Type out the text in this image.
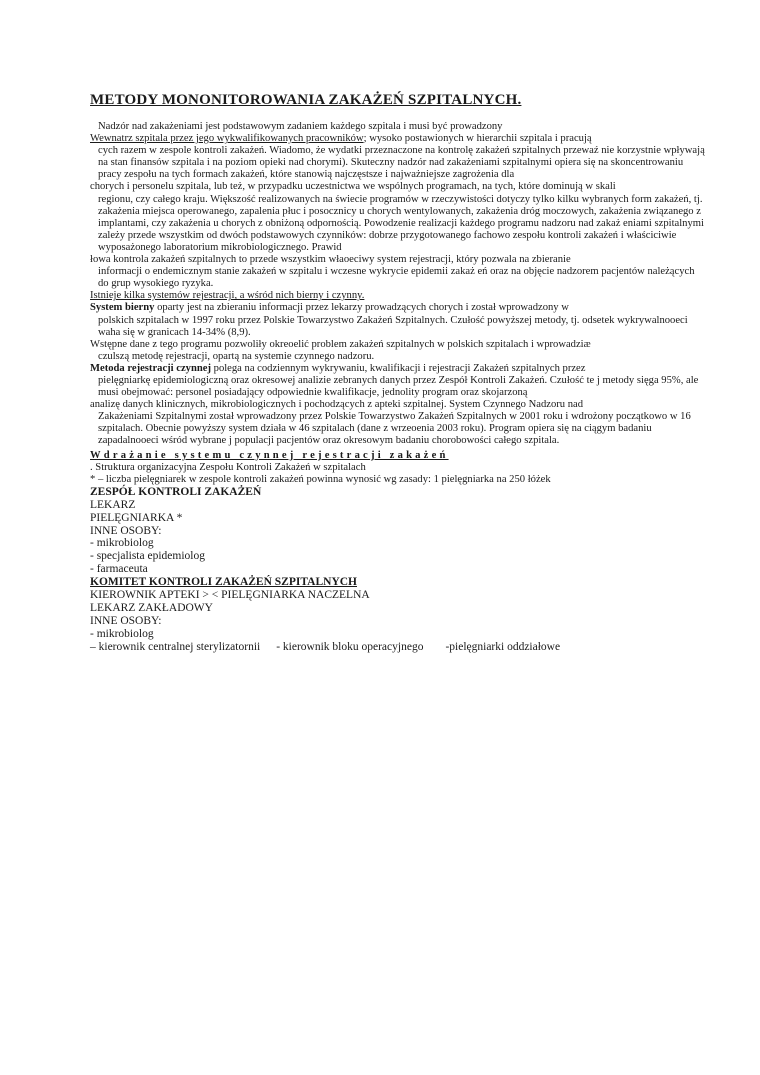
METODY MONONITOROWANIA ZAKAŻEŃ SZPITALNYCH.

Nadzór nad zakażeniami jest podstawowym zadaniem każdego szpitala i musi być prowadzony

Wewnatrz szpitala przez jego wykwalifikowanych pracowników; wysoko postawionych w hierarchii szpitala i pracują

cych razem w zespole kontroli zakażeń. Wiadomo, że wydatki przeznaczone na kontrolę zakażeń szpitalnych przewaź nie korzystnie wpływają na stan finansów szpitala i na poziom opieki nad chorymi). Skuteczny nadzór nad zakażeniami szpitalnymi opiera się na skoncentrowaniu pracy zespołu na tych formach zakażeń, które stanowią najczęstsze i najważniejsze zagrożenia dla

chorych i personelu szpitala, lub też, w przypadku uczestnictwa we wspólnych programach, na tych, które dominują w skali

regionu, czy całego kraju. Większość realizowanych na świecie programów w rzeczywistości dotyczy tylko kilku wybranych form zakażeń, tj. zakażenia miejsca operowanego, zapalenia płuc i posocznicy u chorych wentylowanych, zakażenia dróg moczowych, zakażenia związanego z implantami, czy zakażenia u chorych z obniżoną odpornością. Powodzenie realizacji każdego programu nadzoru nad zakaż eniami szpitalnymi zależy przede wszystkim od dwóch podstawowych czynników: dobrze przygotowanego fachowo zespołu kontroli zakażeń i właściciwie wyposażonego laboratorium mikrobiologicznego. Prawid

łowa kontrola zakażeń szpitalnych to przede wszystkim właoeciwy system rejestracji, który pozwala na zbieranie

informacji o endemicznym stanie zakażeń w szpitalu i wczesne wykrycie epidemii zakaż eń oraz na objęcie nadzorem pacjentów należących do grup wysokiego ryzyka.

Istnieje kilka systemów rejestracji, a wśród nich bierny i czynny.

System bierny oparty jest na zbieraniu informacji przez lekarzy prowadzących chorych i został wprowadzony w

polskich szpitalach w 1997 roku przez Polskie Towarzystwo Zakażeń Szpitalnych. Czułość powyższej metody, tj. odsetek wykrywalnooeci waha się w granicach 14-34% (8,9).

Wstępne dane z tego programu pozwoliły okreoelić problem zakażeń szpitalnych w polskich szpitalach i wprowadziæ

czulszą metodę rejestracji, opartą na systemie czynnego nadzoru.

Metoda rejestracji czynnej polega na codziennym wykrywaniu, kwalifikacji i rejestracji Zakażeń szpitalnych przez

pielęgniarkę epidemiologiczną oraz okresowej analizie zebranych danych przez Zespół Kontroli Zakażeń. Czułość te j metody sięga 95%, ale musi obejmować: personel posiadający odpowiednie kwalifikacje, jednolity program oraz skojarzoną

analizę danych klinicznych, mikrobiologicznych i pochodzących z apteki szpitalnej. System Czynnego Nadzoru nad

Zakażeniami Szpitalnymi został wprowadzony przez Polskie Towarzystwo Zakażeń Szpitalnych w 2001 roku i wdrożony początkowo w 16 szpitalach. Obecnie powyższy system działa w 46 szpitalach (dane z wrzeoenia 2003 roku). Program opiera się na ciągym badaniu zapadalnooeci wśród wybrane j populacji pacjentów oraz okresowym badaniu chorobowości całego szpitala.

Wdrażanie systemu czynnej rejestracji zakażeń

. Struktura organizacyjna Zespołu Kontroli Zakażeń w szpitalach

* – liczba pielęgniarek w zespole kontroli zakażeń powinna wynosić wg zasady: 1 pielęgniarka na 250 łóżek

ZESPÓŁ KONTROLI ZAKAŻEŃ

LEKARZ

PIELĘGNIARKA *

INNE OSOBY:

- mikrobiolog

- specjalista epidemiolog

- farmaceuta

KOMITET KONTROLI ZAKAŻEŃ SZPITALNYCH

KIEROWNIK APTEKI > < PIELĘGNIARKA NACZELNA

LEKARZ ZAKŁADOWY

INNE OSOBY:

- mikrobiolog

– kierownik centralnej sterylizatornii - kierownik bloku operacyjnego -pielęgniarki oddziałowe
